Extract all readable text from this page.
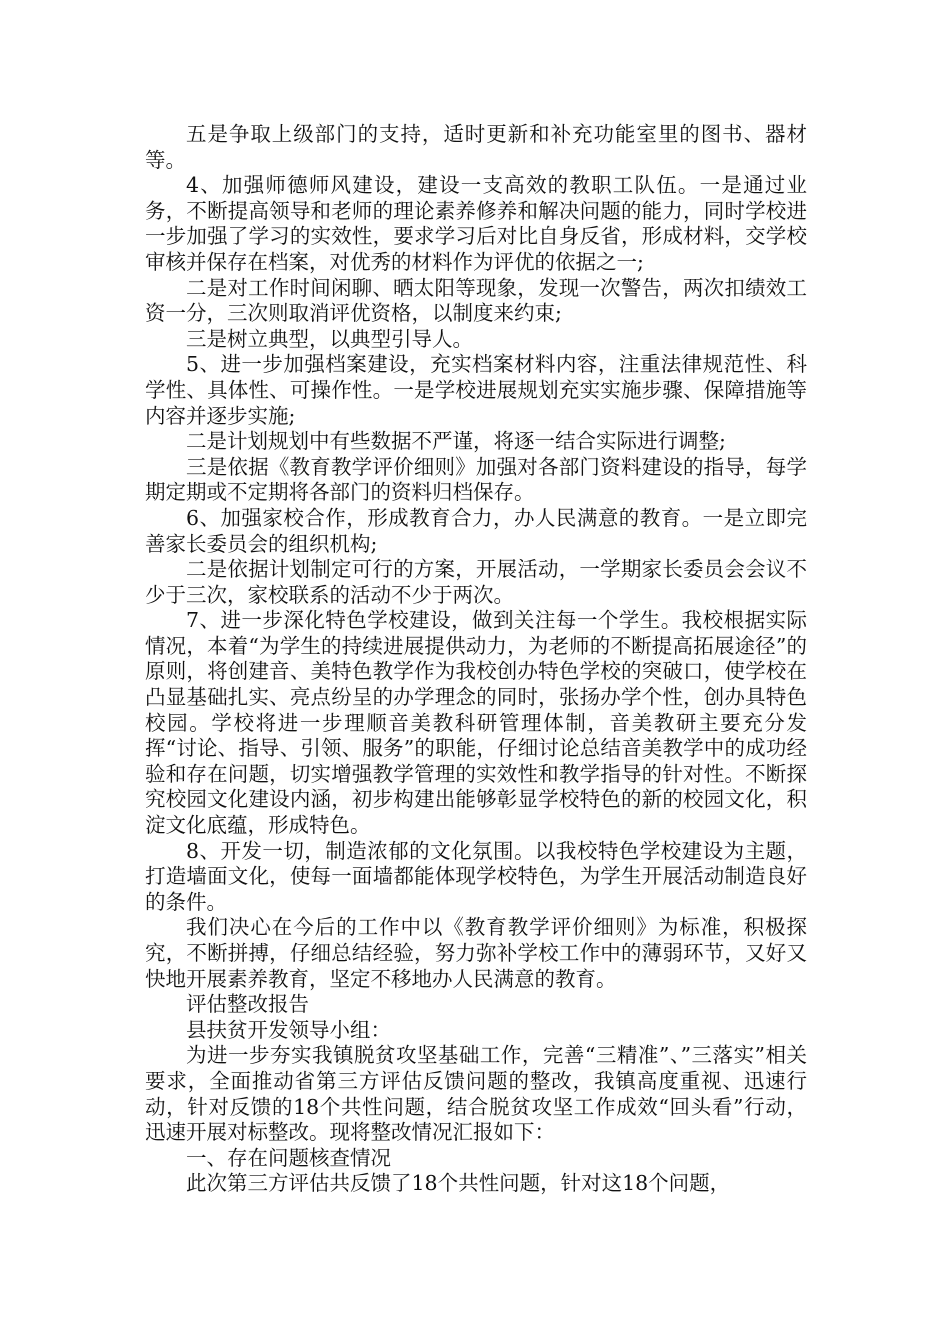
五是争取上级部门的支持，适时更新和补充功能室里的图书、器材等。

4、加强师德师风建设，建设一支高效的教职工队伍。一是通过业务，不断提高领导和老师的理论素养修养和解决问题的能力，同时学校进一步加强了学习的实效性，要求学习后对比自身反省，形成材料，交学校审核并保存在档案，对优秀的材料作为评优的依据之一;

二是对工作时间闲聊、晒太阳等现象，发现一次警告，两次扣绩效工资一分，三次则取消评优资格，以制度来约束;

三是树立典型，以典型引导人。

5、进一步加强档案建设，充实档案材料内容，注重法律规范性、科学性、具体性、可操作性。一是学校进展规划充实实施步骤、保障措施等内容并逐步实施;

二是计划规划中有些数据不严谨，将逐一结合实际进行调整;

三是依据《教育教学评价细则》加强对各部门资料建设的指导，每学期定期或不定期将各部门的资料归档保存。

6、加强家校合作，形成教育合力，办人民满意的教育。一是立即完善家长委员会的组织机构;

二是依据计划制定可行的方案，开展活动，一学期家长委员会会议不少于三次，家校联系的活动不少于两次。

7、进一步深化特色学校建设，做到关注每一个学生。我校根据实际情况，本着“为学生的持续进展提供动力，为老师的不断提高拓展途径”的原则，将创建音、美特色教学作为我校创办特色学校的突破口，使学校在凸显基础扎实、亮点纷呈的办学理念的同时，张扬办学个性，创办具特色校园。学校将进一步理顺音美教科研管理体制，音美教研主要充分发挥“讨论、指导、引领、服务”的职能，仔细讨论总结音美教学中的成功经验和存在问题，切实增强教学管理的实效性和教学指导的针对性。不断探究校园文化建设内涵，初步构建出能够彰显学校特色的新的校园文化，积淀文化底蕴，形成特色。

8、开发一切，制造浓郁的文化氛围。以我校特色学校建设为主题，打造墙面文化，使每一面墙都能体现学校特色，为学生开展活动制造良好的条件。

我们决心在今后的工作中以《教育教学评价细则》为标准，积极探究，不断拼搏，仔细总结经验，努力弥补学校工作中的薄弱环节，又好又快地开展素养教育，坚定不移地办人民满意的教育。

评估整改报告

县扶贫开发领导小组：

为进一步夯实我镇脱贫攻坚基础工作，完善“三精准”、”三落实”相关要求，全面推动省第三方评估反馈问题的整改，我镇高度重视、迅速行动，针对反馈的18个共性问题，结合脱贫攻坚工作成效“回头看”行动，迅速开展对标整改。现将整改情况汇报如下：

一、存在问题核查情况

此次第三方评估共反馈了18个共性问题，针对这18个问题，
